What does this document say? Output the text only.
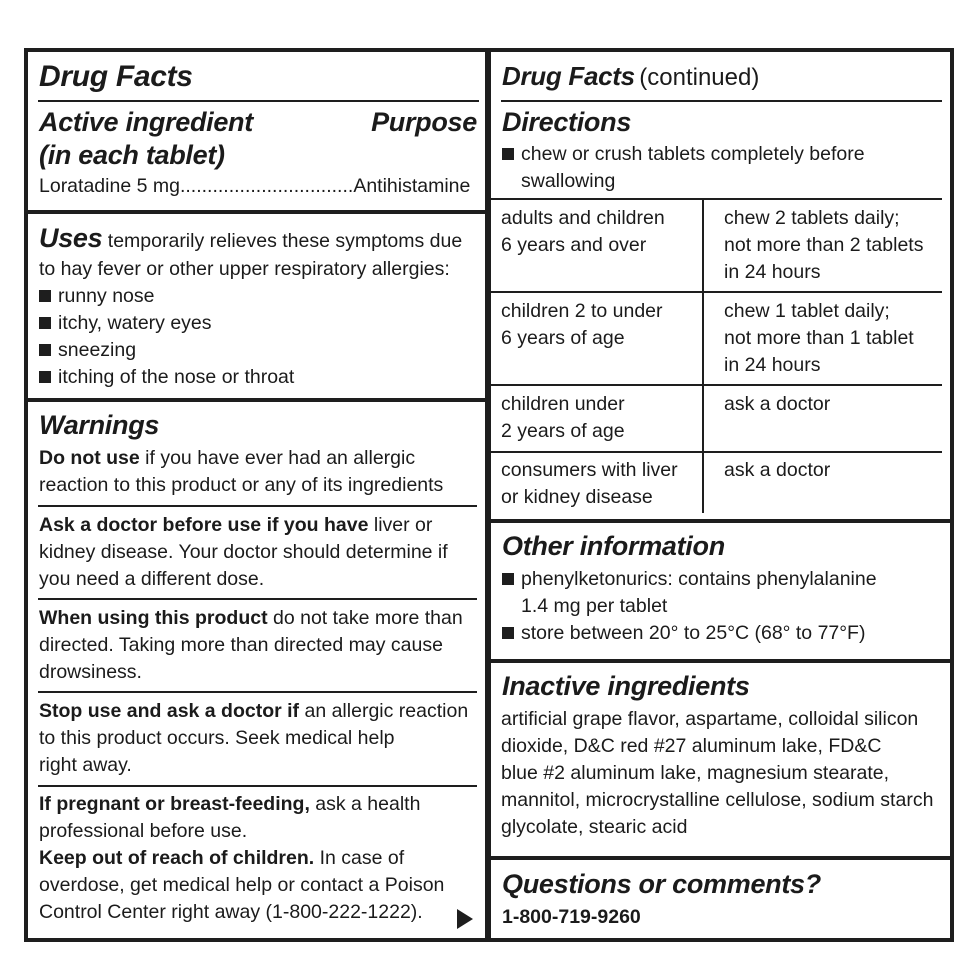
Drug Facts
Active ingredient	Purpose
(in each tablet)
Loratadine 5 mg................................Antihistamine
Uses temporarily relieves these symptoms due
to hay fever or other upper respiratory allergies:
runny nose
itchy, watery eyes
sneezing
itching of the nose or throat
Warnings
Do not use if you have ever had an allergic
reaction to this product or any of its ingredients
Ask a doctor before use if you have liver or
kidney disease. Your doctor should determine if
you need a different dose.
When using this product do not take more than
directed. Taking more than directed may cause
drowsiness.
Stop use and ask a doctor if an allergic reaction
to this product occurs. Seek medical help
right away.
If pregnant or breast-feeding, ask a health
professional before use.
Keep out of reach of children. In case of
overdose, get medical help or contact a Poison
Control Center right away (1-800-222-1222).
Drug Facts (continued)
Directions
chew or crush tablets completely before
swallowing
adults and children
6 years and over
chew 2 tablets daily;
not more than 2 tablets
in 24 hours
children 2 to under
6 years of age
chew 1 tablet daily;
not more than 1 tablet
in 24 hours
children under
2 years of age
ask a doctor
consumers with liver
or kidney disease
ask a doctor
Other information
phenylketonurics: contains phenylalanine
1.4 mg per tablet
store between 20° to 25°C (68° to 77°F)
Inactive ingredients
artificial grape flavor, aspartame, colloidal silicon
dioxide, D&C red #27 aluminum lake, FD&C
blue #2 aluminum lake, magnesium stearate,
mannitol, microcrystalline cellulose, sodium starch
glycolate, stearic acid
Questions or comments?
1-800-719-9260
